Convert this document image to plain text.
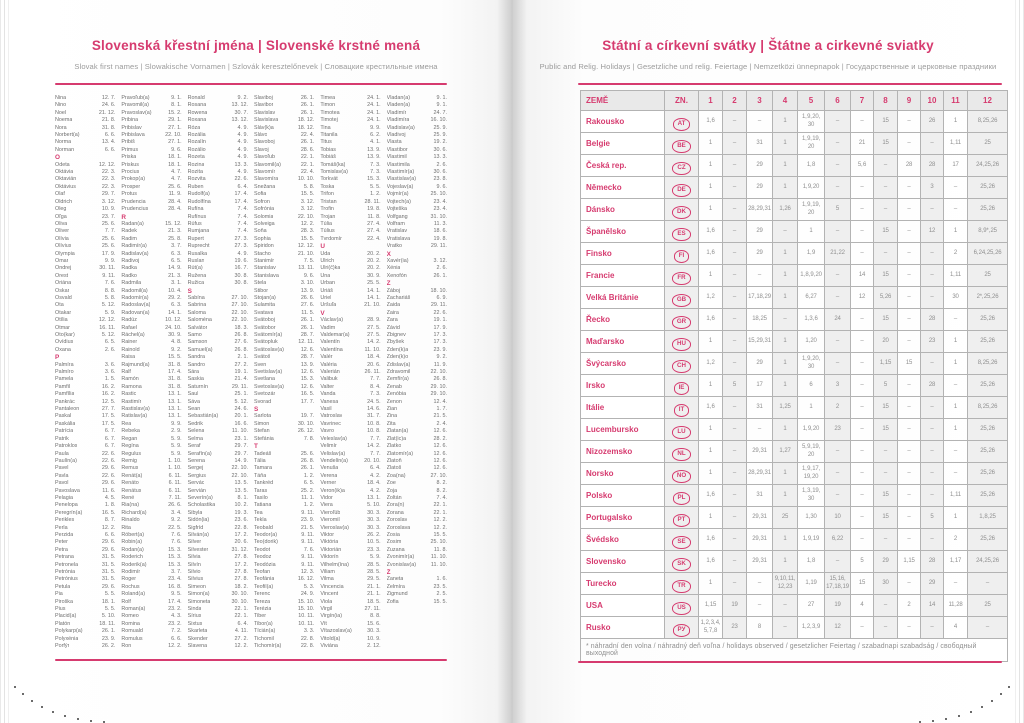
Slovenská křestní jména | Slovenské krstné mená
Slovak first names | Slowakische Vornamen | Szlovák keresztelőnevek | Словацкие крестильные имена
Nina	12. 7.
Nino	24. 6.
Noel	21. 12.
Noema	21. 8.
Nora	31. 8.
Norbert(a)	6. 6.
Norma	13. 4.
Norman	6. 6.
O
Odeta	12. 12.
Oktávia	22. 3.
Oktavián	22. 3.
Oktávius	22. 3.
Olaf	29. 7.
Oldrich	3. 12.
Oleg	10. 9.
Oľga	23. 7.
Oliva	25. 6.
Oliver	7. 7.
Olívia	25. 6.
Olívius	25. 6.
Olympia	17. 9.
Omar	9. 9.
Ondrej	30. 11.
Orest	9. 11.
Oriána	7. 6.
Oskar	8. 8.
Osvald	5. 8.
Ota	5. 12.
Otakar	5. 9.
Otília	12. 12.
Otmar	16. 11.
Oto(kar)	5. 12.
Ovídius	6. 5.
Oxana	2. 6.
P
Palmíra	3. 6.
Palmíro	3. 6.
Pamela	1. 5.
Pamfil	16. 2.
Pamfília	16. 2.
Pankrác	12. 5.
Pantaleon	27. 7.
Paskal	17. 5.
Paskália	17. 5.
Patrícia	6. 7.
Patrik	6. 7.
Patroklos	6. 7.
Paula	22. 6.
Paulín(a)	22. 6.
Pavel	29. 6.
Pavla	22. 6.
Pavol	29. 6.
Pavoslava	11. 6.
Pelagia	4. 5.
Penelopa	1. 8.
Peregrín(a)	16. 5.
Perikles	8. 7.
Perla	12. 2.
Perzida	6. 6.
Peter	29. 6.
Petra	29. 6.
Petrana	31. 5.
Petronela	31. 5.
Petrónia	31. 5.
Petrónius	31. 5.
Petula	29. 6.
Pia	5. 5.
Piroška	18. 1.
Pius	5. 5.
Placid(a)	5. 10.
Platón	18. 11.
Polykarp(a)	26. 1.
Polyxénia	23. 9.
Porfýr	26. 2.
Pravoľub(a)	9. 1.
Pravomil(a)	8. 1.
Pravoslav(a)	15. 2.
Pribina	29. 1.
Pribislav	27. 1.
Pribislava	22. 10.
Pribiš	27. 1.
Primus	9. 6.
Priska	18. 1.
Priskus	18. 1.
Procius	4. 7.
Prokop(a)	4. 7.
Prosper	25. 6.
Protus	11. 9.
Prudencia	28. 4.
Prudencius	28. 4.
R
Radan(a)	15. 12.
Radek	21. 3.
Radim	25. 8.
Radimír(a)	3. 7.
Radislav(a)	6. 3.
Radivoj	6. 5.
Radka	14. 9.
Radko	21. 3.
Radmila	3. 1.
Radomil(a)	10. 4.
Radomír(a)	29. 2.
Radoslav(a)	6. 3.
Radovan(a)	14. 1.
Radúz	10. 12.
Rafael	24. 10.
Ráchel(a)	30. 9.
Rainer	4. 8.
Rainold	9. 2.
Raisa	15. 5.
Rajmund(a)	31. 8.
Ralf	17. 4.
Ramón	31. 8.
Ramona	31. 8.
Rastic	13. 1.
Rastimír	13. 1.
Rastislav(a)	13. 1.
Ratislav(a)	13. 1.
Rea	9. 9.
Rebeka	2. 9.
Regan	5. 9.
Regína	5. 9.
Regulus	5. 9.
Remig	1. 10.
Remus	1. 10.
Renát(a)	6. 11.
Renáto	6. 11.
Renátus	6. 11.
René	7. 11.
Ria(na)	26. 6.
Richard(a)	3. 4.
Rinaldo	9. 2.
Rita	22. 5.
Róbert(a)	7. 6.
Robin(a)	7. 6.
Rodan(a)	15. 3.
Roderich	15. 3.
Roderik(a)	15. 3.
Rodimír	3. 7.
Roger	23. 4.
Rochus	16. 8.
Roland(a)	9. 5.
Rolf	17. 4.
Roman(a)	23. 2.
Romeo	4. 3.
Romina	23. 2.
Romuald	7. 2.
Romulus	6. 6.
Ron	12. 2.
Ronald	9. 2.
Rosana	13. 12.
Rowena	30. 7.
Roxana	13. 12.
Róza	4. 9.
Rozália	4. 9.
Rozalín	4. 9.
Rozálio	4. 9.
Rozeta	4. 9.
Rozina	13. 3.
Rozita	4. 9.
Rozvita	22. 6.
Ruben	6. 4.
Rudolf(a)	17. 4.
Rudolfína	17. 4.
Rufína	7. 4.
Rufínus	7. 4.
Rúfus	7. 4.
Rumjana	7. 4.
Rupert	27. 3.
Ruprecht	27. 3.
Rusalka	4. 9.
Ruslan	19. 6.
Rút(a)	16. 7.
Ružena	30. 8.
Ružica	30. 8.
S
Sabína	27. 10.
Sabrina	27. 10.
Saloma	22. 10.
Saloména	22. 10.
Salvátor	18. 3.
Samo	26. 8.
Samson	27. 6.
Samuel(a)	26. 8.
Sandra	2. 1.
Sandro	27. 2.
Sára	19. 1.
Saskia	21. 4.
Saturnín	29. 11.
Saul	25. 1.
Sáva	5. 12.
Sean	24. 6.
Sebastián(a)	20. 1.
Sedrik	16. 6.
Selena	11. 10.
Selma	23. 1.
Seraf	29. 7.
Serafín(a)	29. 7.
Serena	14. 9.
Sergej	22. 10.
Sergius	22. 10.
Servác	13. 5.
Servián	13. 5.
Severín(a)	8. 1.
Scholastika	10. 2.
Sibyla	19. 3.
Sidón(ia)	23. 6.
Sigfríd	22. 8.
Silván(a)	17. 2.
Silver	20. 6.
Silvester	31. 12.
Silvia	27. 8.
Silvín	17. 2.
Silvio	27. 8.
Silvius	27. 8.
Simeon	18. 2.
Simon(a)	30. 10.
Simoneta	30. 10.
Sinda	22. 1.
Sírius	22. 1.
Sixtus	6. 4.
Skarleta	4. 11.
Skender	27. 2.
Slavena	12. 2.
Slaviboj	26. 1.
Slavibor	26. 1.
Slavislav	26. 1.
Slavislava	18. 12.
Sláv(k)a	18. 12.
Slávo	22. 4.
Slavoboj	26. 1.
Slavoj	28. 6.
Slavoľub	22. 1.
Slavomil(a)	22. 1.
Slavomír	22. 4.
Slavomíra	10. 10.
Snežana	5. 8.
Sofia	15. 5.
Sofron	3. 12.
Sofrónia	3. 12.
Solomia	22. 10.
Solveiga	12. 2.
Soňa	28. 3.
Sophia	15. 5.
Spiridon	12. 12.
Stacho	21. 10.
Stanimír	7. 5.
Stanislav	13. 11.
Stanislava	9. 6.
Stela	3. 10.
Stibor	13. 9.
Stojan(a)	26. 6.
Sulamita	27. 6.
Svatava	11. 5.
Svätoboj	26. 1.
Svätobor	26. 1.
Svätomír(a)	28. 7.
Svätopluk	12. 11.
Svätoslav(a)	12. 6.
Svätoš	28. 7.
Sven	13. 9.
Svetislav(a)	12. 6.
Svetlana	15. 3.
Svetoslav(a)	12. 6.
Svetozár	16. 5.
Svorad	17. 7.
Š
Šarlota	19. 7.
Šimon	30. 10.
Štefan	26. 12.
Štefánia	7. 8.
T
Tadeáš	25. 6.
Tália	26. 8.
Tamara	26. 1.
Táňa	1. 2.
Tankréd	6. 5.
Taras	25. 2.
Tasilo	11. 1.
Tatiana	1. 2.
Tea	9. 11.
Tekla	23. 9.
Teobald	21. 5.
Teodor(a)	9. 11.
Teo(dorik)	9. 11.
Teodot	7. 6.
Teodoz	9. 11.
Teodózia	9. 11.
Teofan	12. 3.
Teofánia	16. 12.
Teofil(a)	5. 3.
Terenc	24. 9.
Tereza	15. 10.
Terézia	15. 10.
Tiber	10. 11.
Tibor(a)	10. 11.
Tícián(a)	3. 3.
Tichomil	22. 8.
Tichomír(a)	22. 8.
Timea	24. 1.
Timon	24. 1.
Timotea	24. 1.
Timotej	24. 1.
Tina	9. 9.
Titanila	6. 2.
Titus	4. 1.
Tobias	13. 9.
Tobiáš	13. 9.
Tomáš(ka)	7. 3.
Tomislav(a)	7. 3.
Torkvát	15. 3.
Toska	5. 5.
Trifon	1. 2.
Tristan	28. 11.
Trofin	19. 8.
Trojan	11. 8.
Túlia	27. 4.
Túlius	27. 4.
Tvrdomír	22. 4.
U
Uda	20. 2.
Ulrich	20. 2.
Ulri(č)ka	20. 2.
Una	30. 9.
Urban	25. 5.
Uriáš	14. 1.
Uriel	14. 1.
Uršuľa	21. 10.
V
Václav(a)	28. 9.
Vadim	27. 5.
Valdemar(a)	27. 5.
Valentín	14. 2.
Valentína	11. 10.
Valér	18. 4.
Valéria	20. 6.
Valerián	26. 11.
Valibuk	7. 7.
Valter	8. 4.
Vanda	7. 3.
Vanesa	24. 5.
Vasil	14. 6.
Vatroslav	31. 7.
Vavrinec	10. 8.
Vavro	10. 8.
Veleslav(a)	7. 7.
Velimír	14. 2.
Velislav(a)	7. 7.
Vendelín(a)	20. 10.
Venuša	6. 4.
Verena	4. 2.
Verner	18. 4.
Veron(ik)a	4. 2.
Vidor	13. 1.
Viera	5. 10.
Vieroľúb	30. 3.
Vieromil	30. 3.
Vieroslav(a)	30. 3.
Viktor	26. 2.
Viktória	10. 5.
Viktorián	23. 3.
Viktorín	5. 9.
Vilhelm(ína)	28. 5.
Viliam	28. 5.
Vilma	29. 5.
Vincencia	21. 1.
Vincent	21. 1.
Viola	18. 5.
Virgil	27. 11.
Virgín(ia)	8. 8.
Vít	15. 6.
Vítazoslav(a)	30. 3.
Vitold(a)	10. 9.
Viviána	2. 12.
Vladan(a)	9. 1.
Vladen(a)	9. 1.
Vladimír	24. 7.
Vladimíra	16. 10.
Vladislav(a)	25. 9.
Vladivoj	25. 9.
Vlasta	19. 2.
Vlastibor	30. 6.
Vlastimil	13. 3.
Vlastimila	2. 6.
Vlastimír(a)	30. 6.
Vlastislav(a)	23. 8.
Vojeslav(a)	9. 6.
Vojmír(a)	25. 10.
Vojtech(a)	23. 4.
Vojteška	23. 4.
Volfgang	31. 10.
Volfram	11. 3.
Vratislav	18. 6.
Vratislava	19. 8.
Vratko	29. 11.
X
Xavér(ia)	3. 12.
Xénia	2. 6.
Xenofón	26. 1.
Z
Záboj	18. 10.
Zachariáš	6. 9.
Zaida	29. 11.
Zaira	22. 6.
Zara	19. 1.
Závid	17. 9.
Zbignev	17. 3.
Zbyšek	17. 3.
Zden(k)a	23. 9.
Zden(k)o	9. 2.
Zdislav(a)	11. 9.
Zdravomil	22. 10.
Zemfír(a)	26. 8.
Zenab	29. 10.
Zenóbia	29. 10.
Zenon	12. 4.
Zian	1. 7.
Zina	21. 5.
Zita	2. 4.
Zlatan(a)	12. 6.
Zlat(ic)a	28. 2.
Zlatko	12. 6.
Zlatomír(a)	12. 6.
Zlatoň	12. 6.
Zlatoš	12. 6.
Zoa(na)	27. 10.
Zoe	8. 2.
Zoja	8. 2.
Zoltán	7. 4.
Zora(n)	22. 1.
Zorana	22. 1.
Zoroslav	12. 2.
Zoroslava	12. 2.
Zosia	15. 5.
Zosim	25. 10.
Zuzana	11. 8.
Zvonimír(a)	11. 10.
Zvonislav(a)	11. 10.
Ž
Žaneta	1. 6.
Želmíra	23. 5.
Žigmund	2. 5.
Žofia	15. 5.
Státní a církevní svátky | Štátne a cirkevné sviatky
Public and Relig. Holidays | Gesetzliche und relig. Feiertage | Nemzetközi ünnepnapok | Государственные и церковные праздники
ZEMĚ	ZN.	1	2	3	4	5	6	7	8	9	10	11	12
Rakousko	AT	1, 6	–	–	1	1, 9, 20, 30	–	–	15	–	26	1	8, 25, 26
Belgie	BE	1	–	31	1	1, 9, 19, 20	–	21	15	–	–	1, 11	25
Česká rep.	CZ	1	–	29	1	1, 8	–	5, 6	–	28	28	17	24, 25, 26
Německo	DE	1	–	29	1	1, 9, 20	–	–	–	–	3	–	25, 26
Dánsko	DK	1	–	28, 29, 31	1, 26	1, 9, 19, 20	5	–	–	–	–	–	25, 26
Španělsko	ES	1, 6	–	29	–	1	–	–	15	–	12	1	8, 9*, 25
Finsko	FI	1, 6	–	29	1	1, 9	21, 22	–	–	–	–	2	6, 24, 25, 26
Francie	FR	1	–	–	1	1, 8, 9, 20	–	14	15	–	–	1, 11	25
Velká Británie	GB	1, 2	–	17, 18, 29	1	6, 27	–	12	5, 26	–	–	30	2*, 25, 26
Řecko	GR	1, 6	–	18, 25	–	1, 3, 6	24	–	15	–	28	–	25, 26
Maďarsko	HU	1	–	15, 29, 31	1	1, 20	–	–	20	–	23	1	25, 26
Švýcarsko	CH	1, 2	–	29	1	1, 9, 20, 30	–	–	1, 15	15	–	1	8, 25, 26
Irsko	IE	1	5	17	1	6	3	–	5	–	28	–	25, 26
Itálie	IT	1, 6	–	31	1, 25	1	2	–	15	–	–	1	8, 25, 26
Lucembursko	LU	1	–	–	1	1, 9, 20	23	–	15	–	–	1	25, 26
Nizozemsko	NL	1	–	29, 31	1, 27	5, 9, 19, 20	–	–	–	–	–	–	25, 26
Norsko	NO	1	–	28, 29, 31	1	1, 9, 17, 19, 20	–	–	–	–	–	–	25, 26
Polsko	PL	1, 6	–	31	1	1, 3, 19, 30	–	–	15	–	–	1, 11	25, 26
Portugalsko	PT	1	–	29, 31	25	1, 30	10	–	15	–	5	1	1, 8, 25
Švédsko	SE	1, 6	–	29, 31	1	1, 9, 19	6, 22	–	–	–	–	2	25, 26
Slovensko	SK	1, 6	–	29, 31	1	1, 8	–	5	29	1, 15	28	1, 17	24, 25, 26
Turecko	TR	1	–	–	9, 10, 11, 12, 23	1, 19	15, 16, 17, 18, 19	15	30	–	29	–	–
USA	US	1, 15	19	–	–	27	19	4	–	2	14	11, 28	25
Rusko	РУ	1, 2, 3, 4, 5, 7, 8	23	8	–	1, 2, 3, 9	12	–	–	–	–	4	–
* náhradní den volna / náhradný deň voľna / holidays observed / gesetzlicher Feiertag / szabadnapi szabadság / свободный выходной													
